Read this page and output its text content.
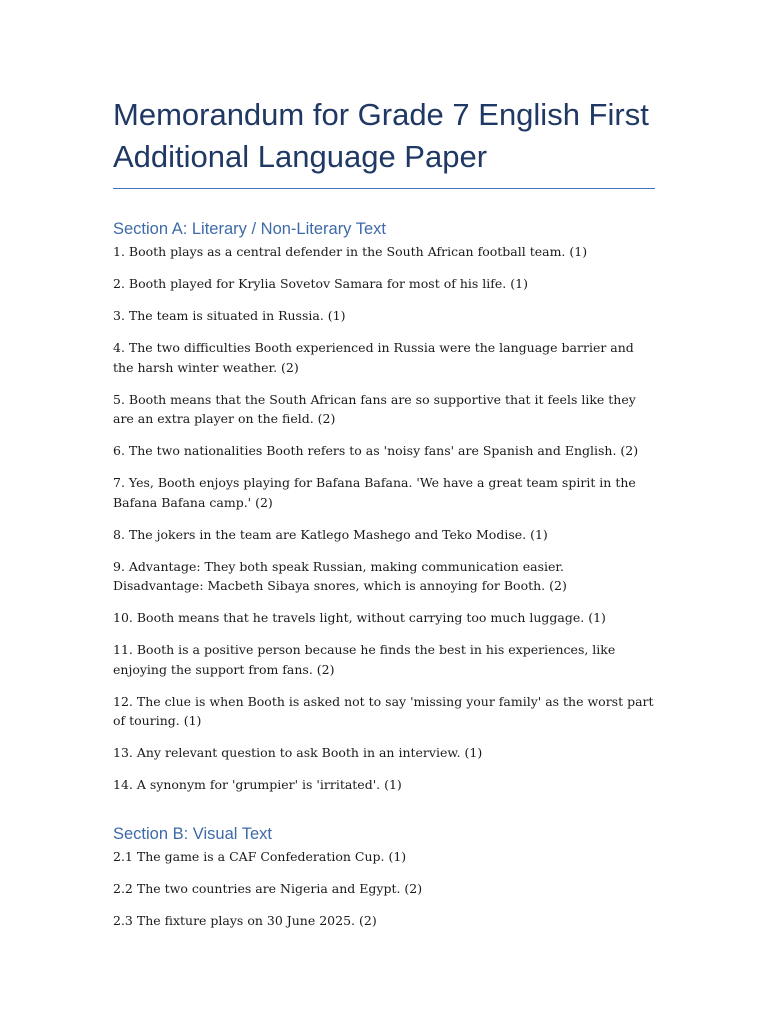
Memorandum for Grade 7 English First Additional Language Paper
Section A: Literary / Non-Literary Text
1. Booth plays as a central defender in the South African football team. (1)
2. Booth played for Krylia Sovetov Samara for most of his life. (1)
3. The team is situated in Russia. (1)
4. The two difficulties Booth experienced in Russia were the language barrier and the harsh winter weather. (2)
5. Booth means that the South African fans are so supportive that it feels like they are an extra player on the field. (2)
6. The two nationalities Booth refers to as 'noisy fans' are Spanish and English. (2)
7. Yes, Booth enjoys playing for Bafana Bafana. 'We have a great team spirit in the Bafana Bafana camp.' (2)
8. The jokers in the team are Katlego Mashego and Teko Modise. (1)
9. Advantage: They both speak Russian, making communication easier. Disadvantage: Macbeth Sibaya snores, which is annoying for Booth. (2)
10. Booth means that he travels light, without carrying too much luggage. (1)
11. Booth is a positive person because he finds the best in his experiences, like enjoying the support from fans. (2)
12. The clue is when Booth is asked not to say 'missing your family' as the worst part of touring. (1)
13. Any relevant question to ask Booth in an interview. (1)
14. A synonym for 'grumpier' is 'irritated'. (1)
Section B: Visual Text
2.1 The game is a CAF Confederation Cup. (1)
2.2 The two countries are Nigeria and Egypt. (2)
2.3 The fixture plays on 30 June 2025. (2)
